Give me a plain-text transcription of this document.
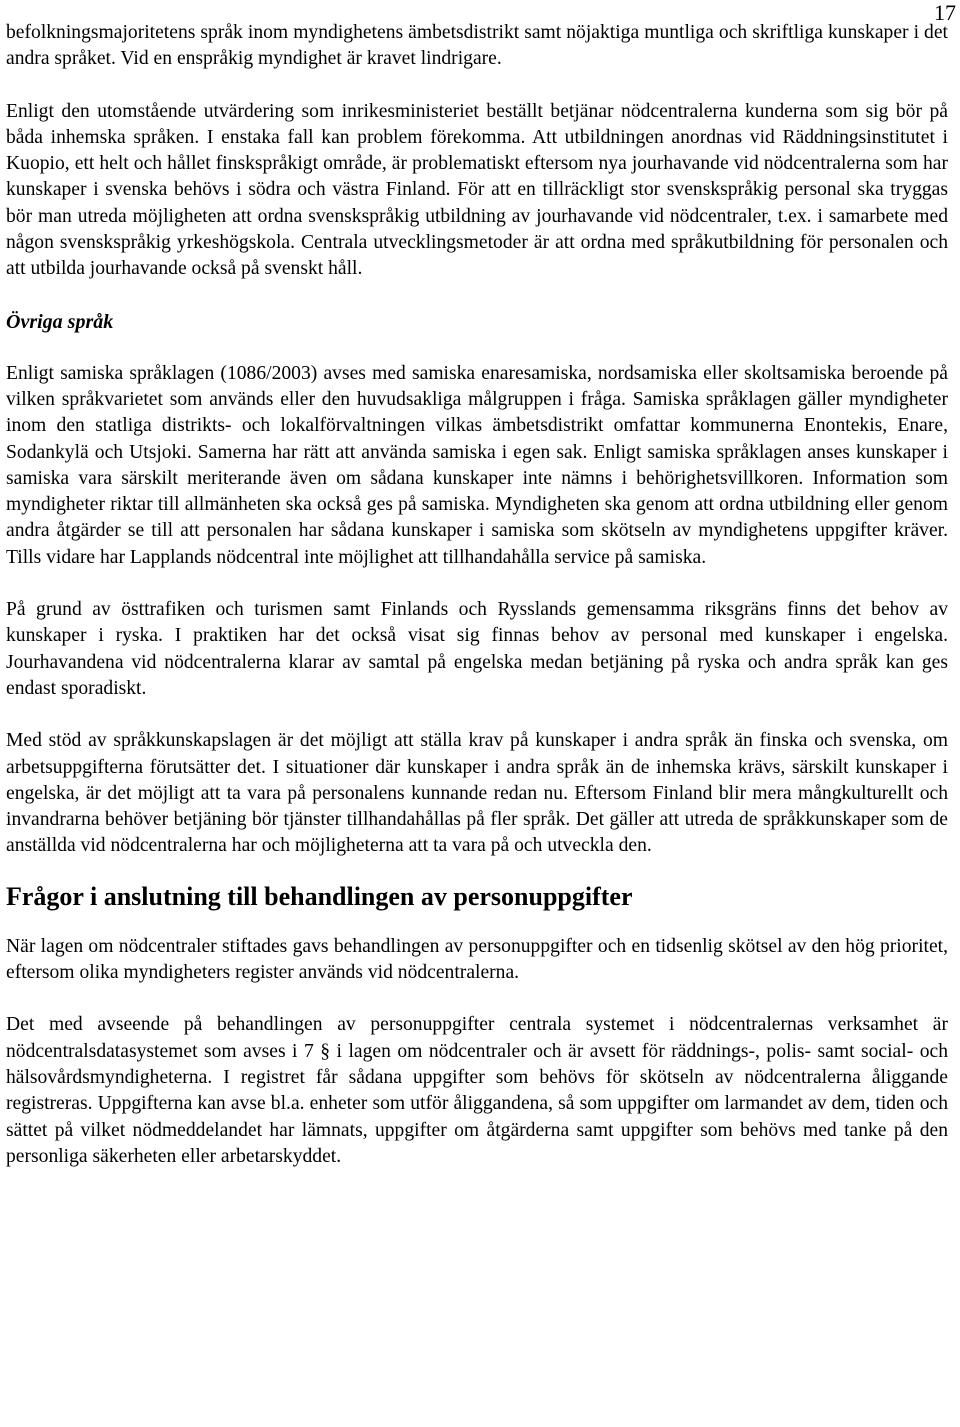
17

befolkningsmajoritetens språk inom myndighetens ämbetsdistrikt samt nöjaktiga muntliga och skriftliga kunskaper i det andra språket. Vid en enspråkig myndighet är kravet lindrigare.

Enligt den utomstående utvärdering som inrikesministeriet beställt betjänar nödcentralerna kunderna som sig bör på båda inhemska språken. I enstaka fall kan problem förekomma. Att utbildningen anordnas vid Räddningsinstitutet i Kuopio, ett helt och hållet finskspråkigt område, är problematiskt eftersom nya jourhavande vid nödcentralerna som har kunskaper i svenska behövs i södra och västra Finland. För att en tillräckligt stor svenskspråkig personal ska tryggas bör man utreda möjligheten att ordna svenskspråkig utbildning av jourhavande vid nödcentraler, t.ex. i samarbete med någon svenskspråkig yrkeshögskola. Centrala utvecklingsmetoder är att ordna med språkutbildning för personalen och att utbilda jourhavande också på svenskt håll.

Övriga språk

Enligt samiska språklagen (1086/2003) avses med samiska enaresamiska, nordsamiska eller skoltsamiska beroende på vilken språkvarietet som används eller den huvudsakliga målgruppen i fråga. Samiska språklagen gäller myndigheter inom den statliga distrikts- och lokalförvaltningen vilkas ämbetsdistrikt omfattar kommunerna Enontekis, Enare, Sodankylä och Utsjoki. Samerna har rätt att använda samiska i egen sak. Enligt samiska språklagen anses kunskaper i samiska vara särskilt meriterande även om sådana kunskaper inte nämns i behörighetsvillkoren. Information som myndigheter riktar till allmänheten ska också ges på samiska. Myndigheten ska genom att ordna utbildning eller genom andra åtgärder se till att personalen har sådana kunskaper i samiska som skötseln av myndighetens uppgifter kräver. Tills vidare har Lapplands nödcentral inte möjlighet att tillhandahålla service på samiska.

På grund av östtrafiken och turismen samt Finlands och Rysslands gemensamma riksgräns finns det behov av kunskaper i ryska. I praktiken har det också visat sig finnas behov av personal med kunskaper i engelska. Jourhavandena vid nödcentralerna klarar av samtal på engelska medan betjäning på ryska och andra språk kan ges endast sporadiskt.

Med stöd av språkkunskapslagen är det möjligt att ställa krav på kunskaper i andra språk än finska och svenska, om arbetsuppgifterna förutsätter det. I situationer där kunskaper i andra språk än de inhemska krävs, särskilt kunskaper i engelska, är det möjligt att ta vara på personalens kunnande redan nu. Eftersom Finland blir mera mångkulturellt och invandrarna behöver betjäning bör tjänster tillhandahållas på fler språk. Det gäller att utreda de språkkunskaper som de anställda vid nödcentralerna har och möjligheterna att ta vara på och utveckla den.

Frågor i anslutning till behandlingen av personuppgifter

När lagen om nödcentraler stiftades gavs behandlingen av personuppgifter och en tidsenlig skötsel av den hög prioritet, eftersom olika myndigheters register används vid nödcentralerna.

Det med avseende på behandlingen av personuppgifter centrala systemet i nödcentralernas verksamhet är nödcentralsdatasystemet som avses i 7 § i lagen om nödcentraler och är avsett för räddnings-, polis- samt social- och hälsovårdsmyndigheterna. I registret får sådana uppgifter som behövs för skötseln av nödcentralerna åliggande registreras. Uppgifterna kan avse bl.a. enheter som utför åliggandena, så som uppgifter om larmandet av dem, tiden och sättet på vilket nödmeddelandet har lämnats, uppgifter om åtgärderna samt uppgifter som behövs med tanke på den personliga säkerheten eller arbetarskyddet.
